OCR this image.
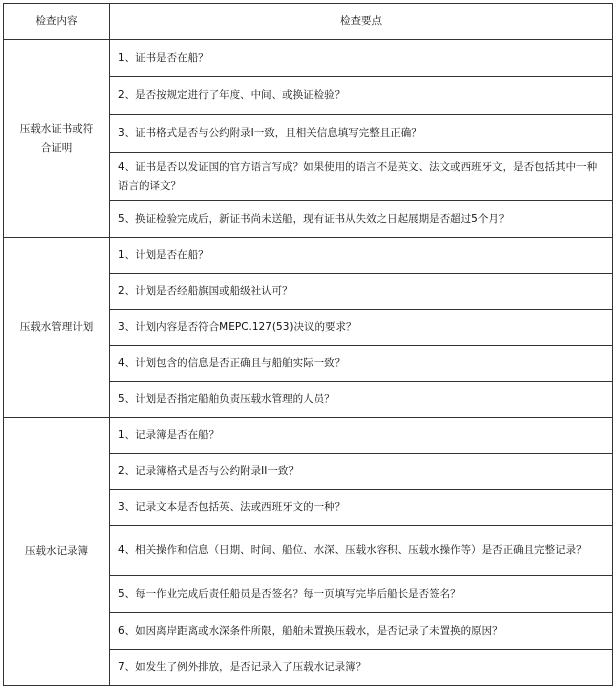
检查内容	检查要点
压载水证书或符合证明	1、证书是否在船？
	2、是否按规定进行了年度、中间、或换证检验？
	3、证书格式是否与公约附录I一致，且相关信息填写完整且正确？
	4、证书是否以发证国的官方语言写成？如果使用的语言不是英文、法文或西班牙文，是否包括其中一种语言的译文？
	5、换证检验完成后，新证书尚未送船，现有证书从失效之日起展期是否超过5个月？
压载水管理计划	1、计划是否在船？
	2、计划是否经船旗国或船级社认可？
	3、计划内容是否符合MEPC.127(53)决议的要求？
	4、计划包含的信息是否正确且与船舶实际一致？
	5、计划是否指定船舶负责压载水管理的人员？
压载水记录簿	1、记录簿是否在船？
	2、记录簿格式是否与公约附录II一致？
	3、记录文本是否包括英、法或西班牙文的一种？
	4、相关操作和信息（日期、时间、船位、水深、压载水容积、压载水操作等）是否正确且完整记录？
	5、每一作业完成后责任船员是否签名？每一页填写完毕后船长是否签名？
	6、如因离岸距离或水深条件所限，船舶未置换压载水，是否记录了未置换的原因？
	7、如发生了例外排放，是否记录入了压载水记录簿？
